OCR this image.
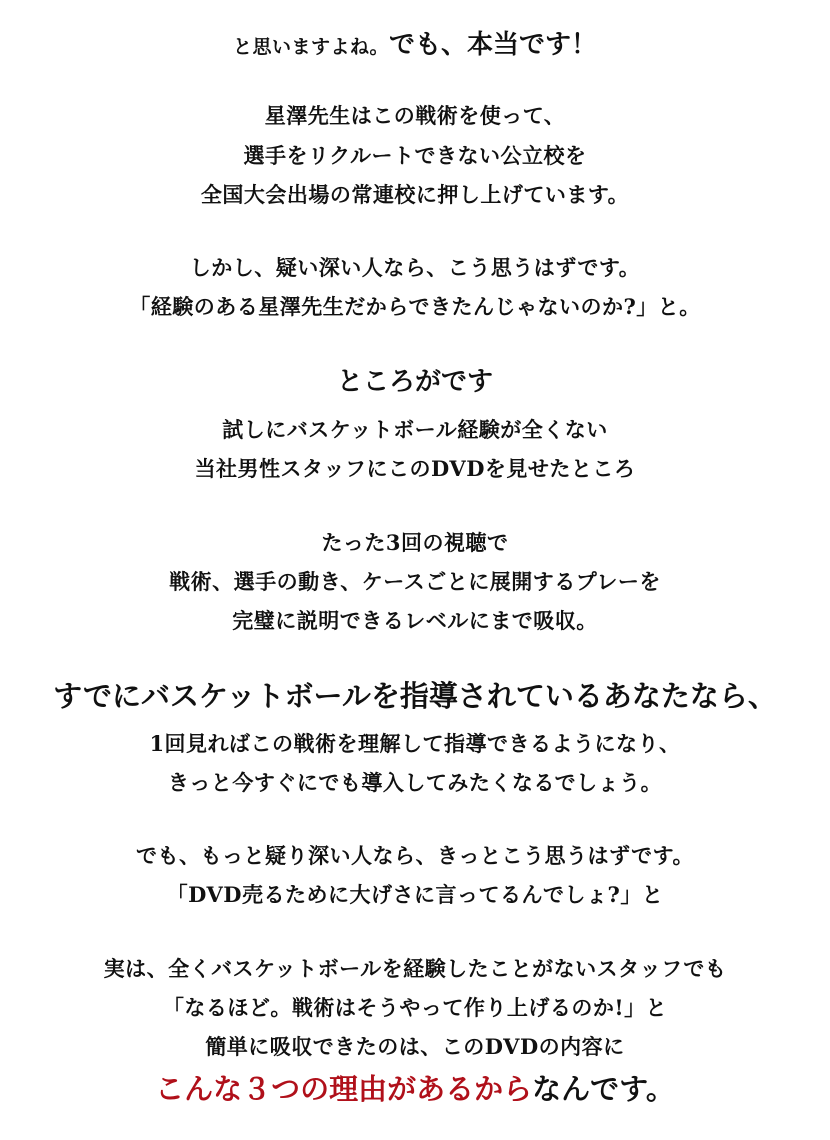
と思いますよね。でも、本当です！
星澤先生はこの戦術を使って、
選手をリクルートできない公立校を
全国大会出場の常連校に押し上げています。
しかし、疑い深い人なら、こう思うはずです。
「経験のある星澤先生だからできたんじゃないのか?」と。
ところがです
試しにバスケットボール経験が全くない
当社男性スタッフにこのDVDを見せたところ
たった3回の視聴で
戦術、選手の動き、ケースごとに展開するプレーを
完璧に説明できるレベルにまで吸収。
すでにバスケットボールを指導されているあなたなら、
1回見ればこの戦術を理解して指導できるようになり、
きっと今すぐにでも導入してみたくなるでしょう。
でも、もっと疑り深い人なら、きっとこう思うはずです。
「DVD売るために大げさに言ってるんでしょ?」と
実は、全くバスケットボールを経験したことがないスタッフでも
「なるほど。戦術はそうやって作り上げるのか!」と
簡単に吸収できたのは、このDVDの内容に
こんな３つの理由があるからなんです。
